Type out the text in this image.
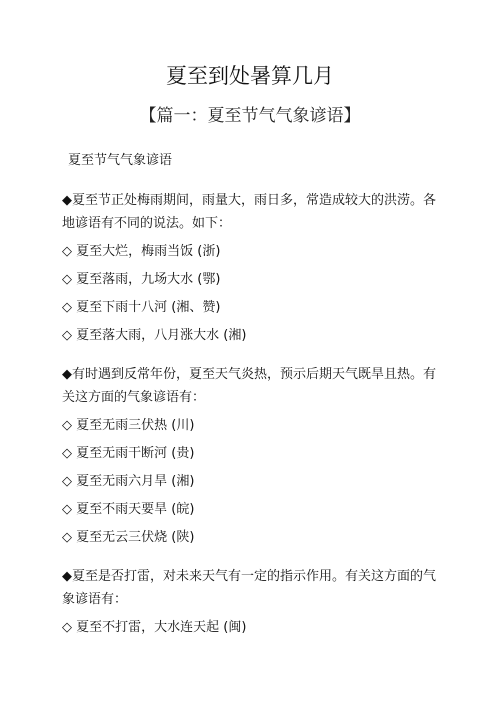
夏至到处暑算几月
【篇一：夏至节气气象谚语】
夏至节气气象谚语
◆夏至节正处梅雨期间，雨量大，雨日多，常造成较大的洪涝。各地谚语有不同的说法。如下：
◇ 夏至大烂，梅雨当饭 (浙)
◇ 夏至落雨，九场大水 (鄂)
◇ 夏至下雨十八河 (湘、赞)
◇ 夏至落大雨，八月涨大水 (湘)
◆有时遇到反常年份，夏至天气炎热，预示后期天气既旱且热。有关这方面的气象谚语有：
◇ 夏至无雨三伏热 (川)
◇ 夏至无雨干断河 (贵)
◇ 夏至无雨六月旱 (湘)
◇ 夏至不雨天要旱 (皖)
◇ 夏至无云三伏烧 (陕)
◆夏至是否打雷，对未来天气有一定的指示作用。有关这方面的气象谚语有：
◇ 夏至不打雷，大水连天起 (闽)
